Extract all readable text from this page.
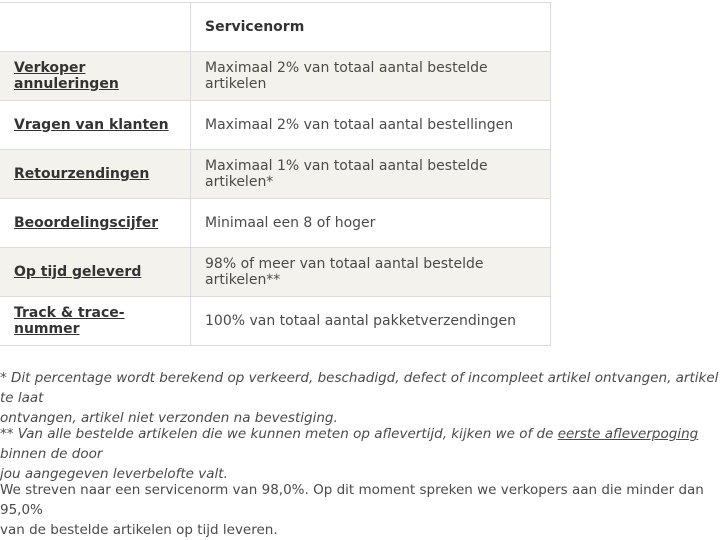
	Servicenorm
Verkoper annuleringen	Maximaal 2% van totaal aantal bestelde artikelen
Vragen van klanten	Maximaal 2% van totaal aantal bestellingen
Retourzendingen	Maximaal 1% van totaal aantal bestelde artikelen*
Beoordelingscijfer	Minimaal een 8 of hoger
Op tijd geleverd	98% of meer van totaal aantal bestelde artikelen**
Track & trace-nummer	100% van totaal aantal pakketverzendingen

* Dit percentage wordt berekend op verkeerd, beschadigd, defect of incompleet artikel ontvangen, artikel te laat
ontvangen, artikel niet verzonden na bevestiging.

** Van alle bestelde artikelen die we kunnen meten op aflevertijd, kijken we of de eerste afleverpoging binnen de door
jou aangegeven leverbelofte valt.

We streven naar een servicenorm van 98,0%. Op dit moment spreken we verkopers aan die minder dan 95,0%
van de bestelde artikelen op tijd leveren.
